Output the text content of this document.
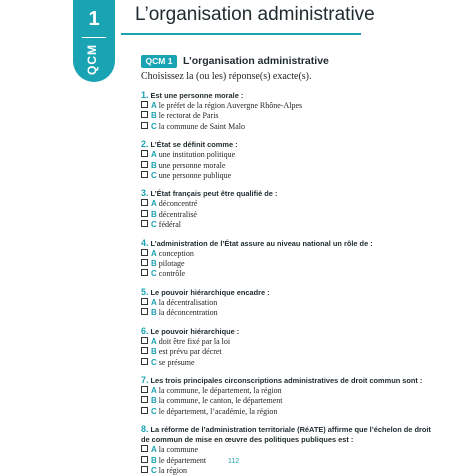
1
QCM
L’organisation administrative
QCM 1	L’organisation administrative
Choisissez la (ou les) réponse(s) exacte(s).
1. Est une personne morale :
A le préfet de la région Auvergne Rhône-Alpes
B le rectorat de Paris
C la commune de Saint Malo
2. L’État se définit comme :
A une institution politique
B une personne morale
C une personne publique
3. L’État français peut être qualifié de :
A déconcentré
B décentralisé
C fédéral
4. L’administration de l’État assure au niveau national un rôle de :
A conception
B pilotage
C contrôle
5. Le pouvoir hiérarchique encadre :
A la décentralisation
B la déconcentration
6. Le pouvoir hiérarchique :
A doit être fixé par la loi
B est prévu par décret
C se présume
7. Les trois principales circonscriptions administratives de droit commun sont :
A la commune, le département, la région
B la commune, le canton, le département
C le département, l’académie, la région
8. La réforme de l’administration territoriale (RéATE) affirme que l’échelon de droit de commun de mise en œuvre des politiques publiques est :
A la commune
B le département
C la région
112
